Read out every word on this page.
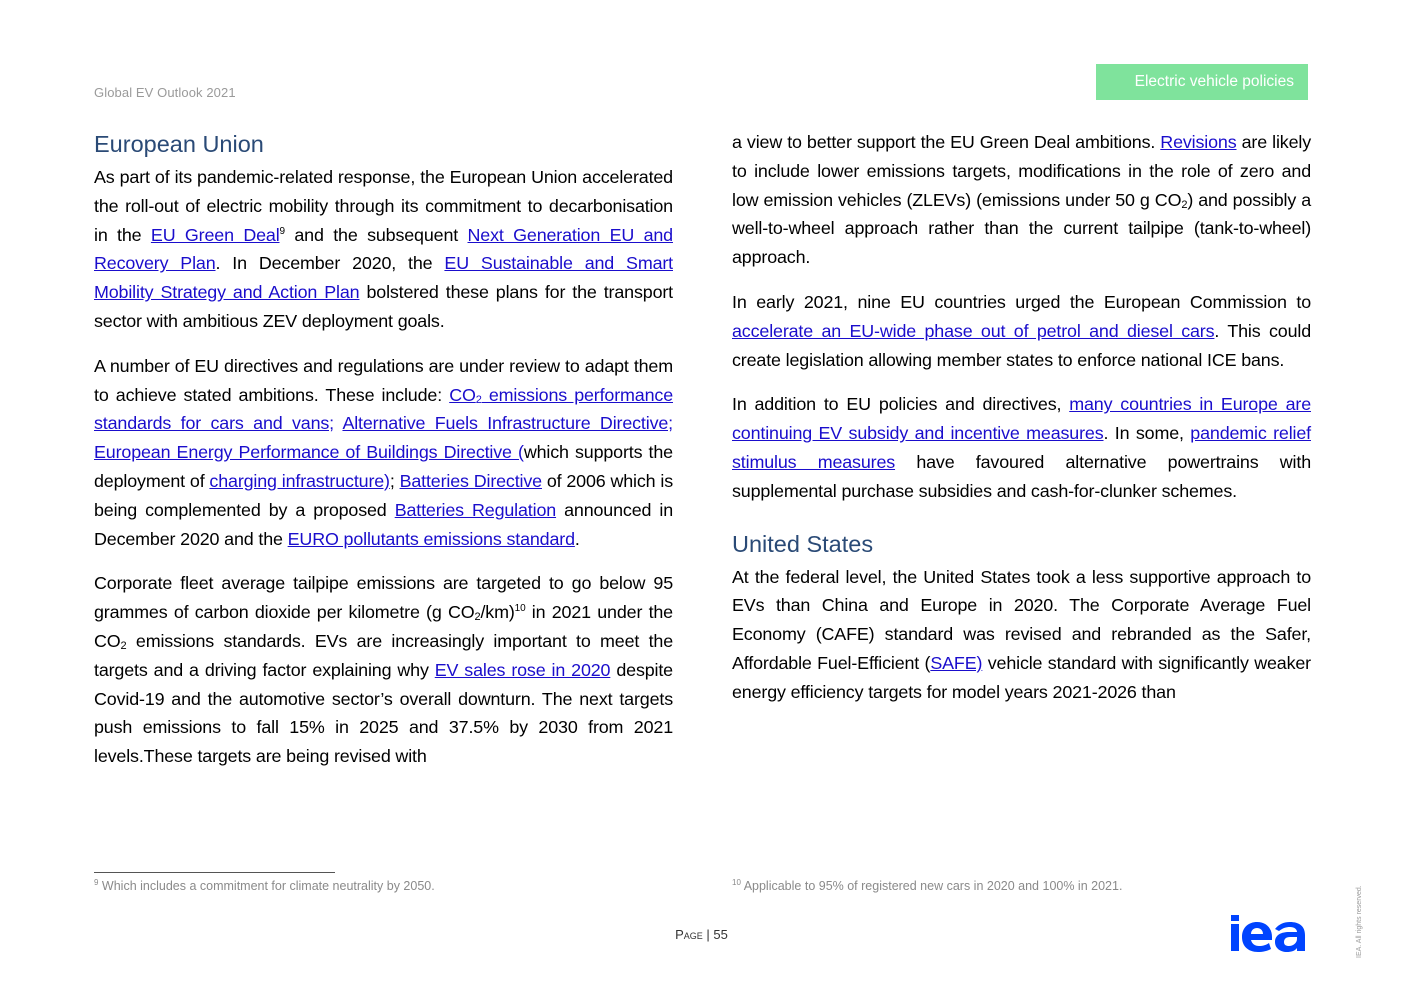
Global EV Outlook 2021
Electric vehicle policies
European Union

As part of its pandemic-related response, the European Union accelerated the roll-out of electric mobility through its commitment to decarbonisation in the EU Green Deal$^9$ and the subsequent Next Generation EU and Recovery Plan. In December 2020, the EU Sustainable and Smart Mobility Strategy and Action Plan bolstered these plans for the transport sector with ambitious ZEV deployment goals.

A number of EU directives and regulations are under review to adapt them to achieve stated ambitions. These include: $CO_2$ emissions performance standards for cars and vans; Alternative Fuels Infrastructure Directive; European Energy Performance of Buildings Directive (which supports the deployment of charging infrastructure); Batteries Directive of 2006 which is being complemented by a proposed Batteries Regulation announced in December 2020 and the EURO pollutants emissions standard.

Corporate fleet average tailpipe emissions are targeted to go below 95 grammes of carbon dioxide per kilometre (g $CO_2/km)^{10}$ in 2021 under the $CO_2$ emissions standards. EVs are increasingly important to meet the targets and a driving factor explaining why EV sales rose in 2020 despite Covid-19 and the automotive sector’s overall downturn. The next targets push emissions to fall 15% in 2025 and 37.5% by 2030 from 2021 levels.These targets are being revised with

a view to better support the EU Green Deal ambitions. Revisions are likely to include lower emissions targets, modifications in the role of zero and low emission vehicles (ZLEVs) (emissions under 50 g $CO_2$) and possibly a well-to-wheel approach rather than the current tailpipe (tank-to-wheel) approach.

In early 2021, nine EU countries urged the European Commission to accelerate an EU-wide phase out of petrol and diesel cars. This could create legislation allowing member states to enforce national ICE bans.

In addition to EU policies and directives, many countries in Europe are continuing EV subsidy and incentive measures. In some, pandemic relief stimulus measures have favoured alternative powertrains with supplemental purchase subsidies and cash-for-clunker schemes.

United States

At the federal level, the United States took a less supportive approach to EVs than China and Europe in 2020. The Corporate Average Fuel Economy (CAFE) standard was revised and rebranded as the Safer, Affordable Fuel-Efficient (SAFE) vehicle standard with significantly weaker energy efficiency targets for model years 2021-2026 than

$^9$ Which includes a commitment for climate neutrality by 2050.	$^{10}$ Applicable to 95% of registered new cars in 2020 and 100% in 2021.
Page | 55	IEA. All rights reserved.
